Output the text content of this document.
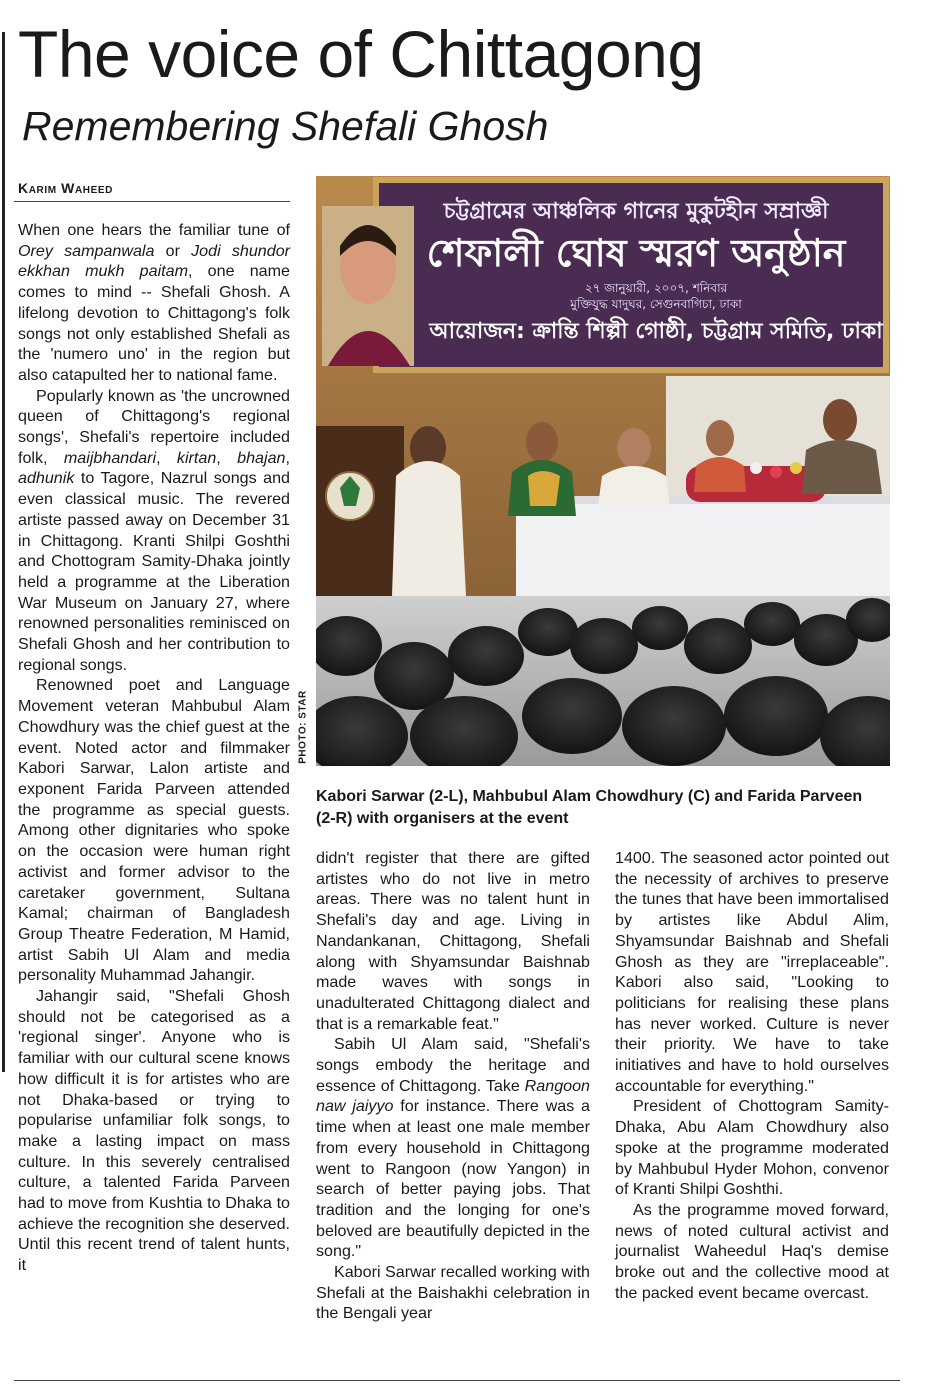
The voice of Chittagong
Remembering Shefali Ghosh
Karim Waheed

When one hears the familiar tune of Orey sampanwala or Jodi shundor ekkhan mukh paitam, one name comes to mind -- Shefali Ghosh. A lifelong devotion to Chittagong's folk songs not only established Shefali as the 'numero uno' in the region but also catapulted her to national fame.

Popularly known as 'the uncrowned queen of Chittagong's regional songs', Shefali's repertoire included folk, maijbhandari, kirtan, bhajan, adhunik to Tagore, Nazrul songs and even classical music. The revered artiste passed away on December 31 in Chittagong. Kranti Shilpi Goshthi and Chottogram Samity-Dhaka jointly held a programme at the Liberation War Museum on January 27, where renowned personalities reminisced on Shefali Ghosh and her contribution to regional songs.

Renowned poet and Language Movement veteran Mahbubul Alam Chowdhury was the chief guest at the event. Noted actor and filmmaker Kabori Sarwar, Lalon artiste and exponent Farida Parveen attended the programme as special guests. Among other dignitaries who spoke on the occasion were human right activist and former advisor to the caretaker government, Sultana Kamal; chairman of Bangladesh Group Theatre Federation, M Hamid, artist Sabih Ul Alam and media personality Muhammad Jahangir.

Jahangir said, "Shefali Ghosh should not be categorised as a 'regional singer'. Anyone who is familiar with our cultural scene knows how difficult it is for artistes who are not Dhaka-based or trying to popularise unfamiliar folk songs, to make a lasting impact on mass culture. In this severely centralised culture, a talented Farida Parveen had to move from Kushtia to Dhaka to achieve the recognition she deserved. Until this recent trend of talent hunts, it

চট্টগ্রামের আঞ্চলিক গানের মুকুটহীন সম্রাজ্ঞী
শেফালী ঘোষ স্মরণ অনুষ্ঠান
২৭ জানুয়ারী, ২০০৭, শনিবার
মুক্তিযুদ্ধ যাদুঘর, সেগুনবাগিচা, ঢাকা
আয়োজন: ক্রান্তি শিল্পী গোষ্ঠী, চট্টগ্রাম সমিতি, ঢাকা
PHOTO: STAR
Kabori Sarwar (2-L), Mahbubul Alam Chowdhury (C) and Farida Parveen (2-R) with organisers at the event

didn't register that there are gifted artistes who do not live in metro areas. There was no talent hunt in Shefali's day and age. Living in Nandankanan, Chittagong, Shefali along with Shyamsundar Baishnab made waves with songs in unadulterated Chittagong dialect and that is a remarkable feat."

Sabih Ul Alam said, "Shefali's songs embody the heritage and essence of Chittagong. Take Rangoon naw jaiyyo for instance. There was a time when at least one male member from every household in Chittagong went to Rangoon (now Yangon) in search of better paying jobs. That tradition and the longing for one's beloved are beautifully depicted in the song."

Kabori Sarwar recalled working with Shefali at the Baishakhi celebration in the Bengali year

1400. The seasoned actor pointed out the necessity of archives to preserve the tunes that have been immortalised by artistes like Abdul Alim, Shyamsundar Baishnab and Shefali Ghosh as they are "irreplaceable". Kabori also said, "Looking to politicians for realising these plans has never worked. Culture is never their priority. We have to take initiatives and have to hold ourselves accountable for everything."

President of Chottogram Samity-Dhaka, Abu Alam Chowdhury also spoke at the programme moderated by Mahbubul Hyder Mohon, convenor of Kranti Shilpi Goshthi.

As the programme moved forward, news of noted cultural activist and journalist Waheedul Haq's demise broke out and the collective mood at the packed event became overcast.
